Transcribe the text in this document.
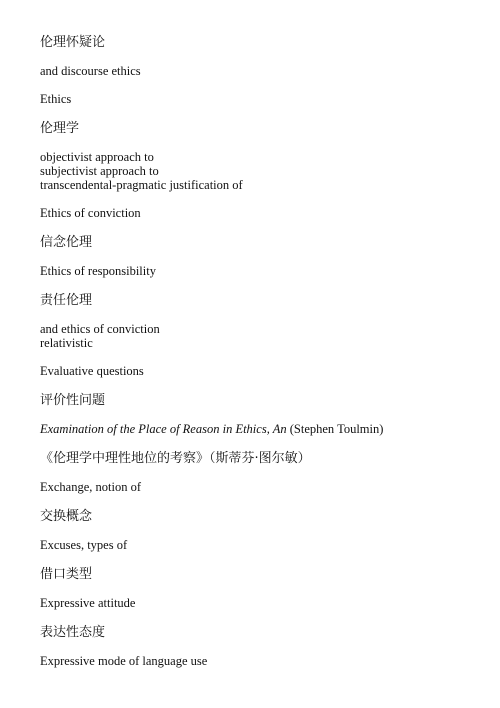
伦理怀疑论
and discourse ethics
Ethics
伦理学
objectivist approach to
subjectivist approach to
transcendental-pragmatic justification of
Ethics of conviction
信念伦理
Ethics of responsibility
责任伦理
and ethics of conviction
relativistic
Evaluative questions
评价性问题
Examination of the Place of Reason in Ethics, An (Stephen Toulmin)
《伦理学中理性地位的考察》（斯蒂芬·图尔敏）
Exchange, notion of
交换概念
Excuses, types of
借口类型
Expressive attitude
表达性态度
Expressive mode of language use
